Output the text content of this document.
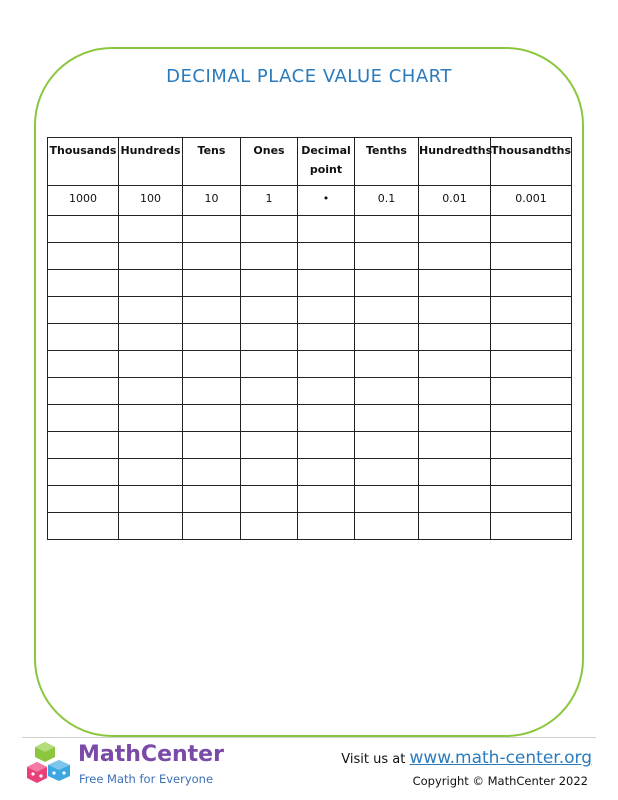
DECIMAL PLACE VALUE CHART
Thousands	Hundreds	Tens	Ones	Decimal point	Tenths	Hundredths	Thousandths
1000	100	10	1	•	0.1	0.01	0.001

MathCenter
Free Math for Everyone
Visit us at www.math-center.org
Copyright © MathCenter 2022
